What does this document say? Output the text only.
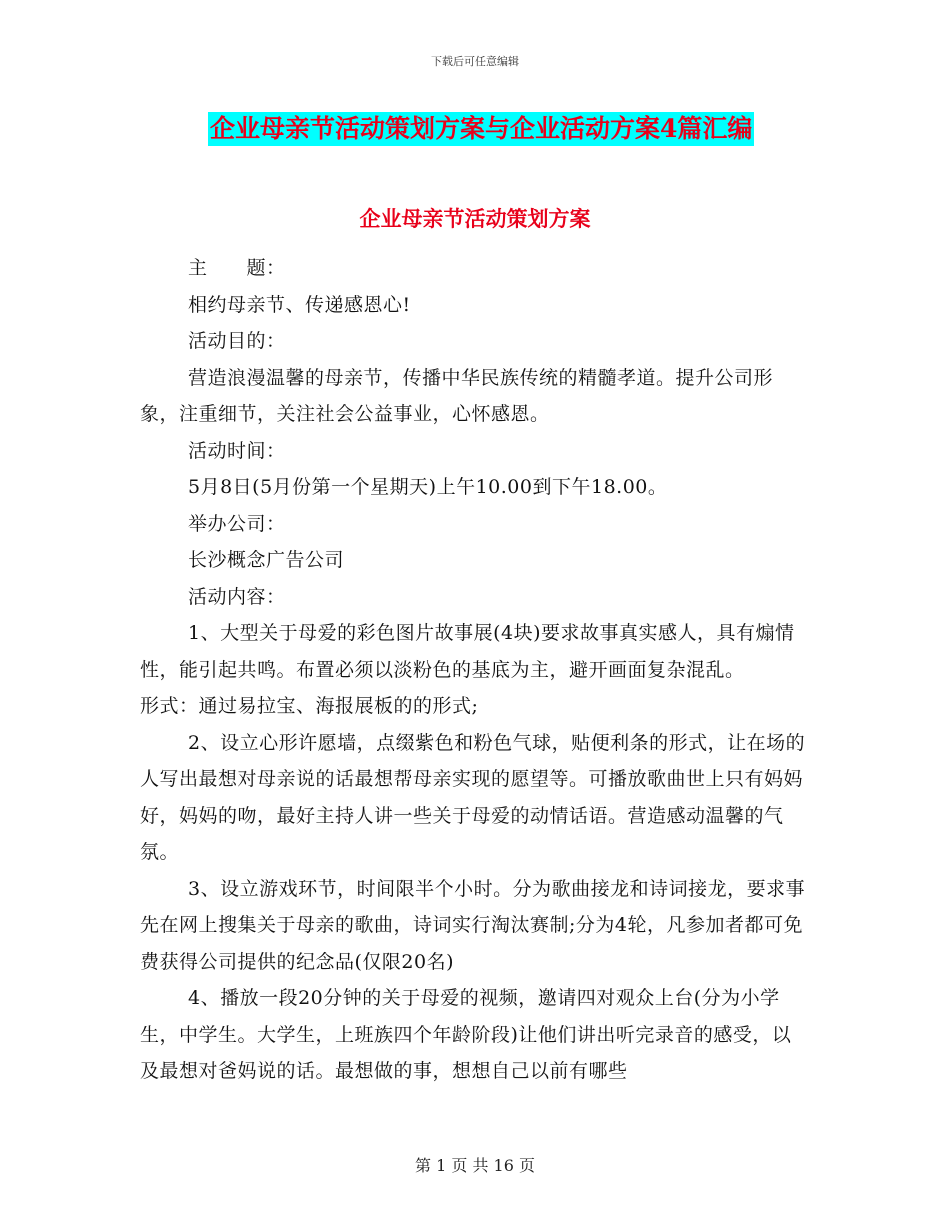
下载后可任意编辑
企业母亲节活动策划方案与企业活动方案4篇汇编
企业母亲节活动策划方案

主　　题：

相约母亲节、传递感恩心!

活动目的：

营造浪漫温馨的母亲节，传播中华民族传统的精髓孝道。提升公司形象，注重细节，关注社会公益事业，心怀感恩。

活动时间：

5月8日(5月份第一个星期天)上午10.00到下午18.00。

举办公司：

长沙概念广告公司

活动内容：

1、大型关于母爱的彩色图片故事展(4块)要求故事真实感人，具有煽情性，能引起共鸣。布置必须以淡粉色的基底为主，避开画面复杂混乱。　　　　　　形式：通过易拉宝、海报展板的的形式;

2、设立心形许愿墙，点缀紫色和粉色气球，贴便利条的形式，让在场的人写出最想对母亲说的话最想帮母亲实现的愿望等。可播放歌曲世上只有妈妈好，妈妈的吻，最好主持人讲一些关于母爱的动情话语。营造感动温馨的气氛。

3、设立游戏环节，时间限半个小时。分为歌曲接龙和诗词接龙，要求事先在网上搜集关于母亲的歌曲，诗词实行淘汰赛制;分为4轮，凡参加者都可免费获得公司提供的纪念品(仅限20名)

4、播放一段20分钟的关于母爱的视频，邀请四对观众上台(分为小学生，中学生。大学生，上班族四个年龄阶段)让他们讲出听完录音的感受，以及最想对爸妈说的话。最想做的事，想想自己以前有哪些

第 1 页 共 16 页
